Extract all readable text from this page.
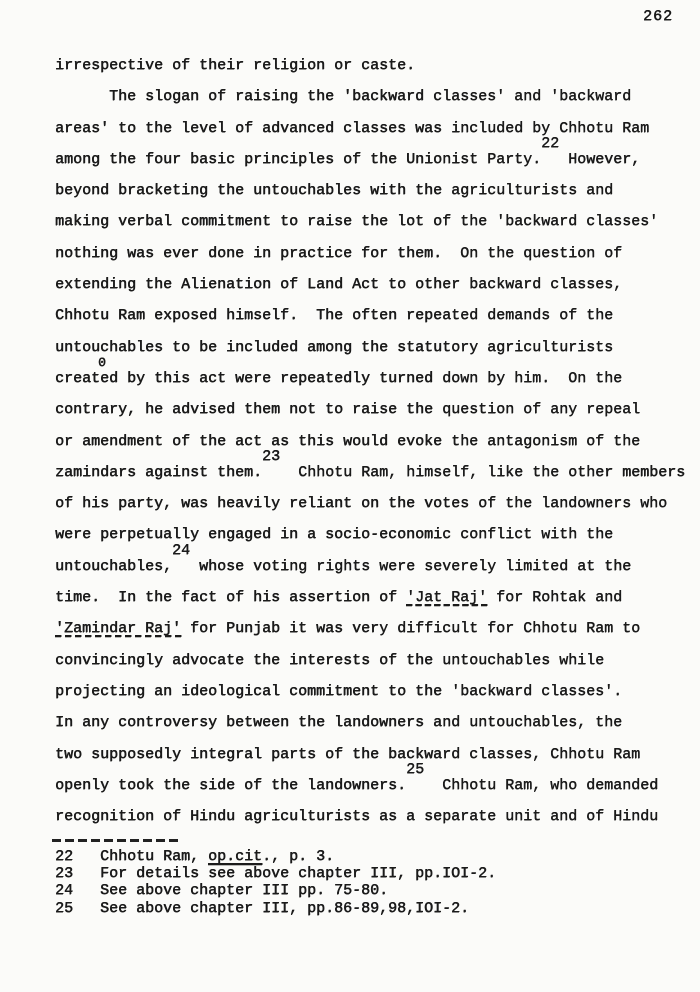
262
irrespective of their religion or caste.
The slogan of raising the 'backward classes' and 'backward
areas' to the level of advanced classes was included by Chhotu Ram
among the four basic principles of the Unionist Party.22 However,
beyond bracketing the untouchables with the agriculturists and
making verbal commitment to raise the lot of the 'backward classes'
nothing was ever done in practice for them.  On the question of
extending the Alienation of Land Act to other backward classes,
Chhotu Ram exposed himself.  The often repeated demands of the
untouchables to be included among the statutory agriculturists
created by this act were repeatedly turned down by him.  On the
contrary, he advised them not to raise the question of any repeal
or amendment of the act as this would evoke the antagonism of the
zamindars against them.23  Chhotu Ram, himself, like the other members
of his party, was heavily reliant on the votes of the landowners who
were perpetually engaged in a socio-economic conflict with the
untouchables,24 whose voting rights were severely limited at the
time.  In the fact of his assertion of 'Jat Raj' for Rohtak and
'Zamindar Raj' for Punjab it was very difficult for Chhotu Ram to
convincingly advocate the interests of the untouchables while
projecting an ideological commitment to the 'backward classes'.
In any controversy between the landowners and untouchables, the
two supposedly integral parts of the backward classes, Chhotu Ram
openly took the side of the landowners.25  Chhotu Ram, who demanded
recognition of Hindu agriculturists as a separate unit and of Hindu
0
22	Chhotu Ram, op.cit., p. 3.
23	For details see above chapter III, pp.IOI-2.
24	See above chapter III pp. 75-80.
25	See above chapter III, pp.86-89,98,IOI-2.
